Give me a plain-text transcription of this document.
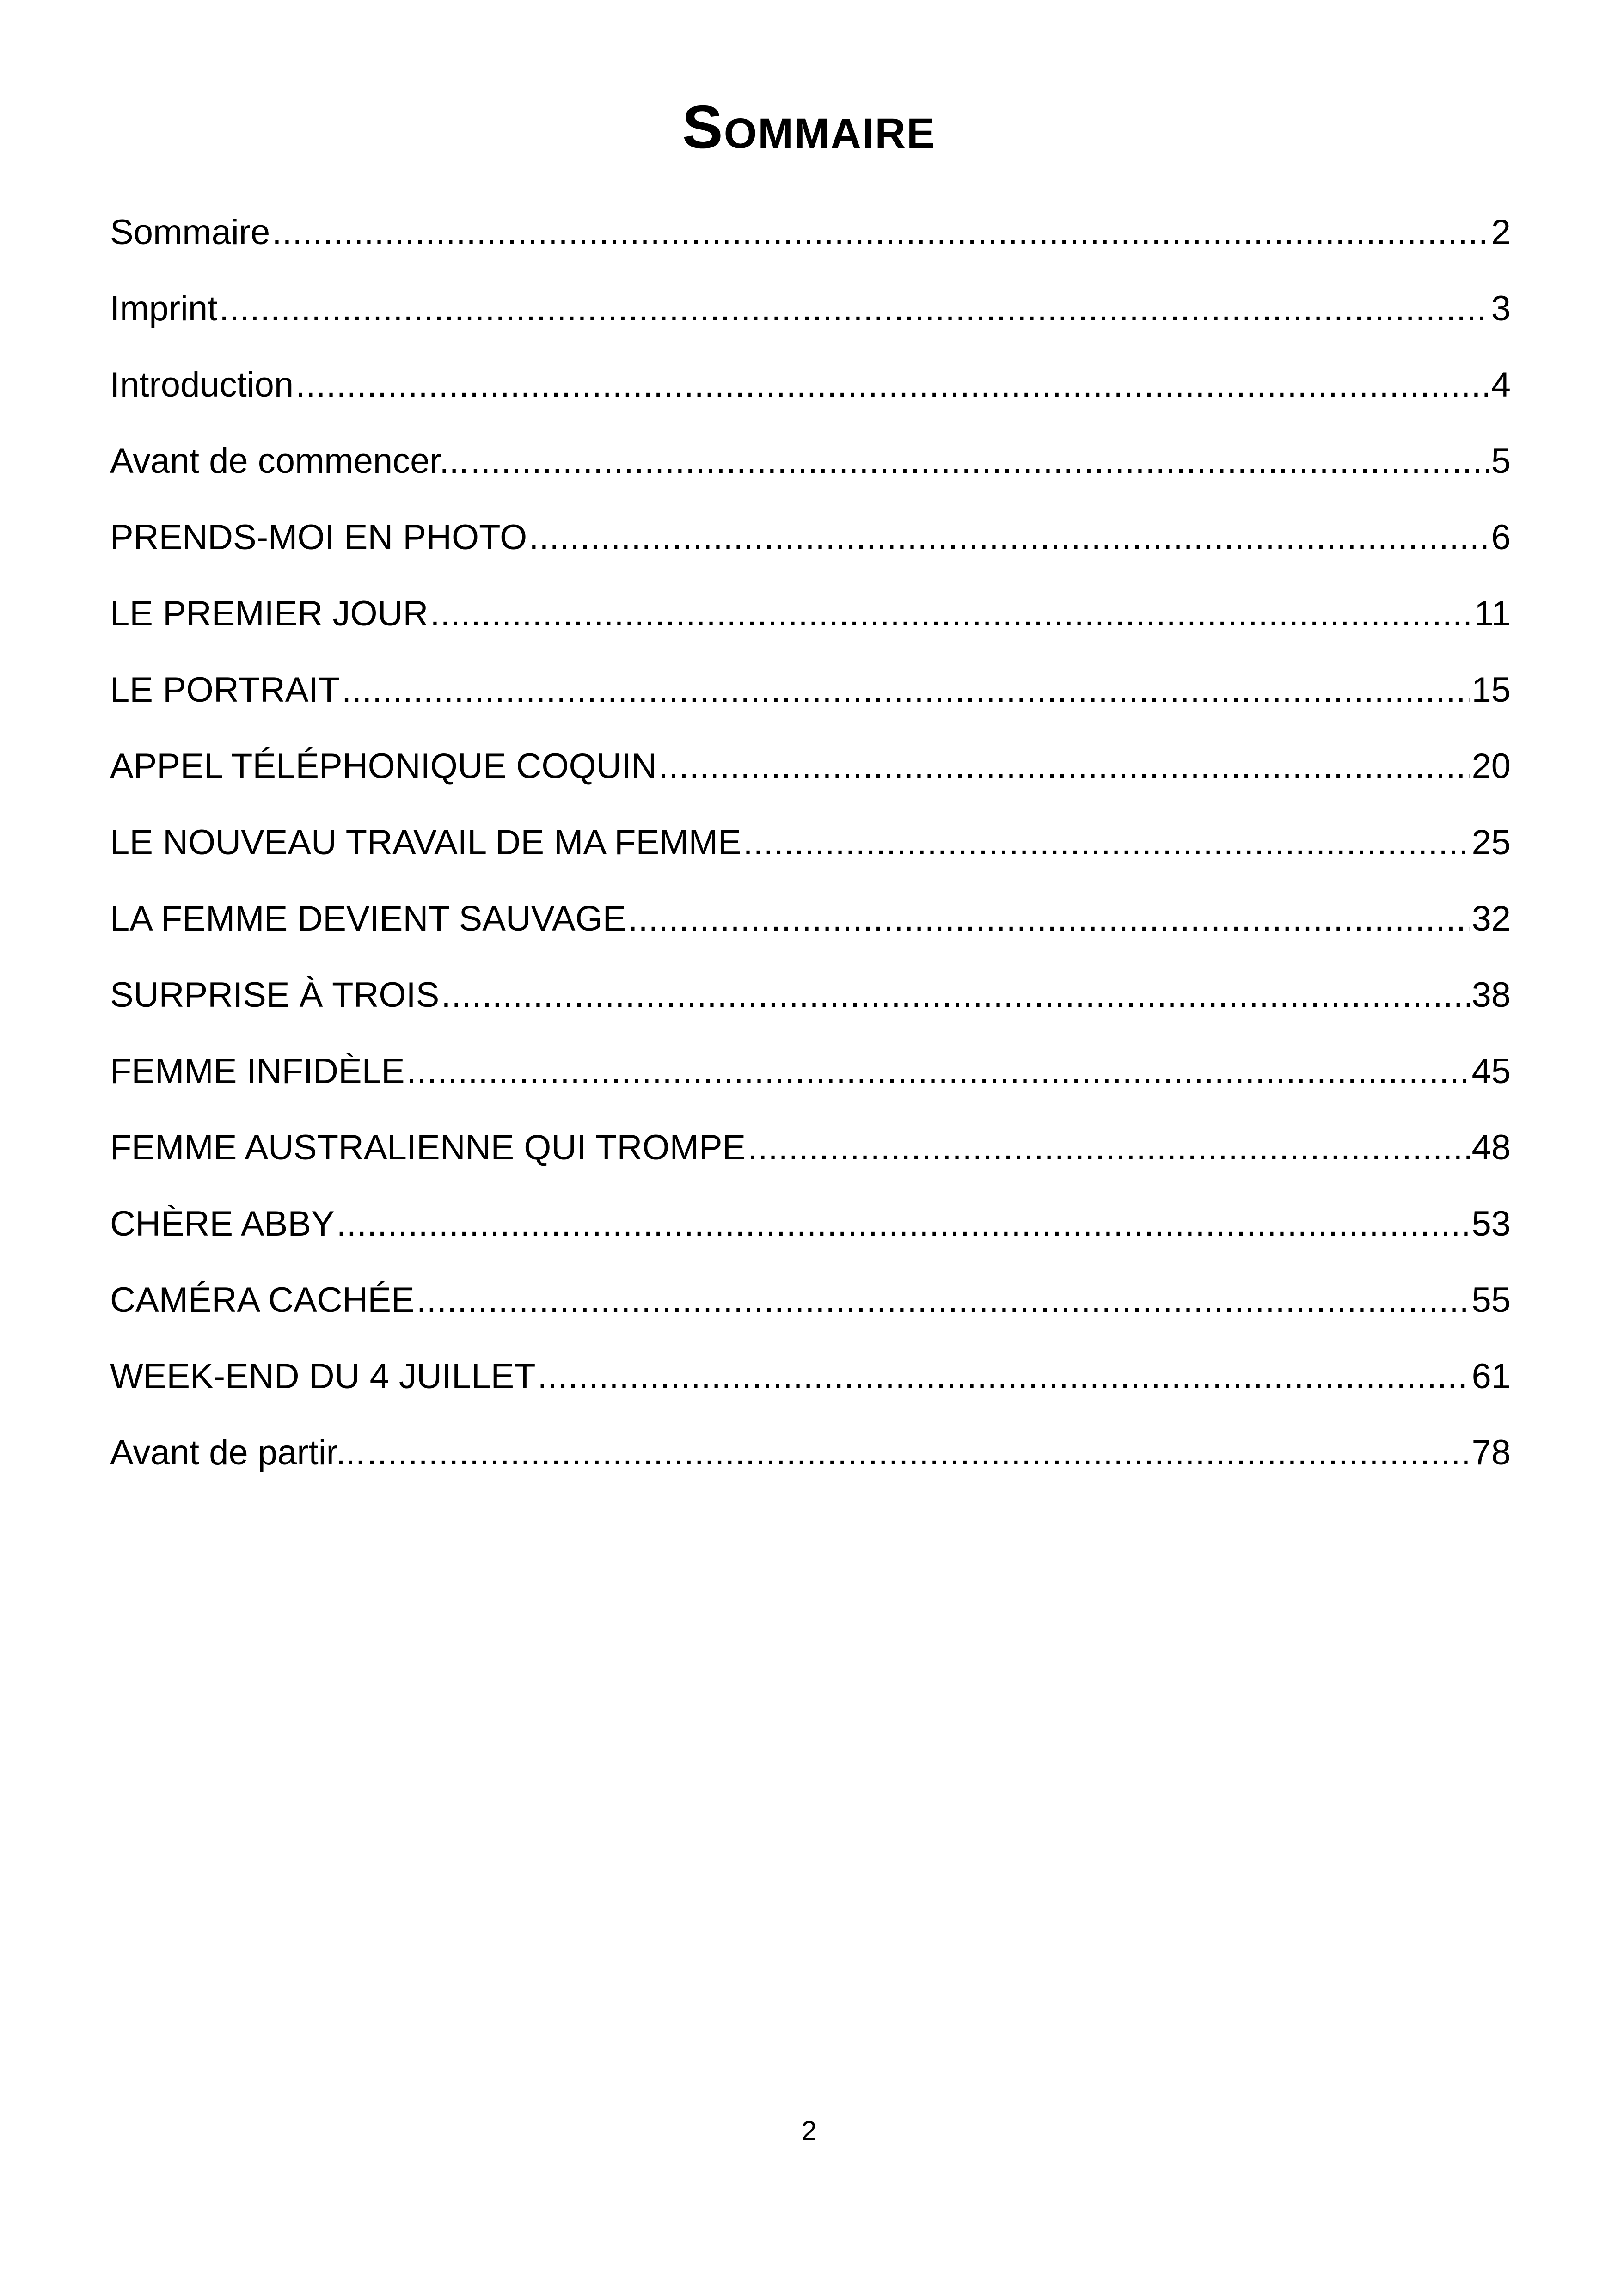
Sommaire
Sommaire .....	2
Imprint .....	3
Introduction .....	4
Avant de commencer... .....	5
PRENDS-MOI EN PHOTO .....	6
LE PREMIER JOUR .....	11
LE PORTRAIT .....	15
APPEL TÉLÉPHONIQUE COQUIN .....	20
LE NOUVEAU TRAVAIL DE MA FEMME .....	25
LA FEMME DEVIENT SAUVAGE .....	32
SURPRISE À TROIS .....	38
FEMME INFIDÈLE .....	45
FEMME AUSTRALIENNE QUI TROMPE .....	48
CHÈRE ABBY .....	53
CAMÉRA CACHÉE .....	55
WEEK-END DU 4 JUILLET .....	61
Avant de partir... .....	78
2
